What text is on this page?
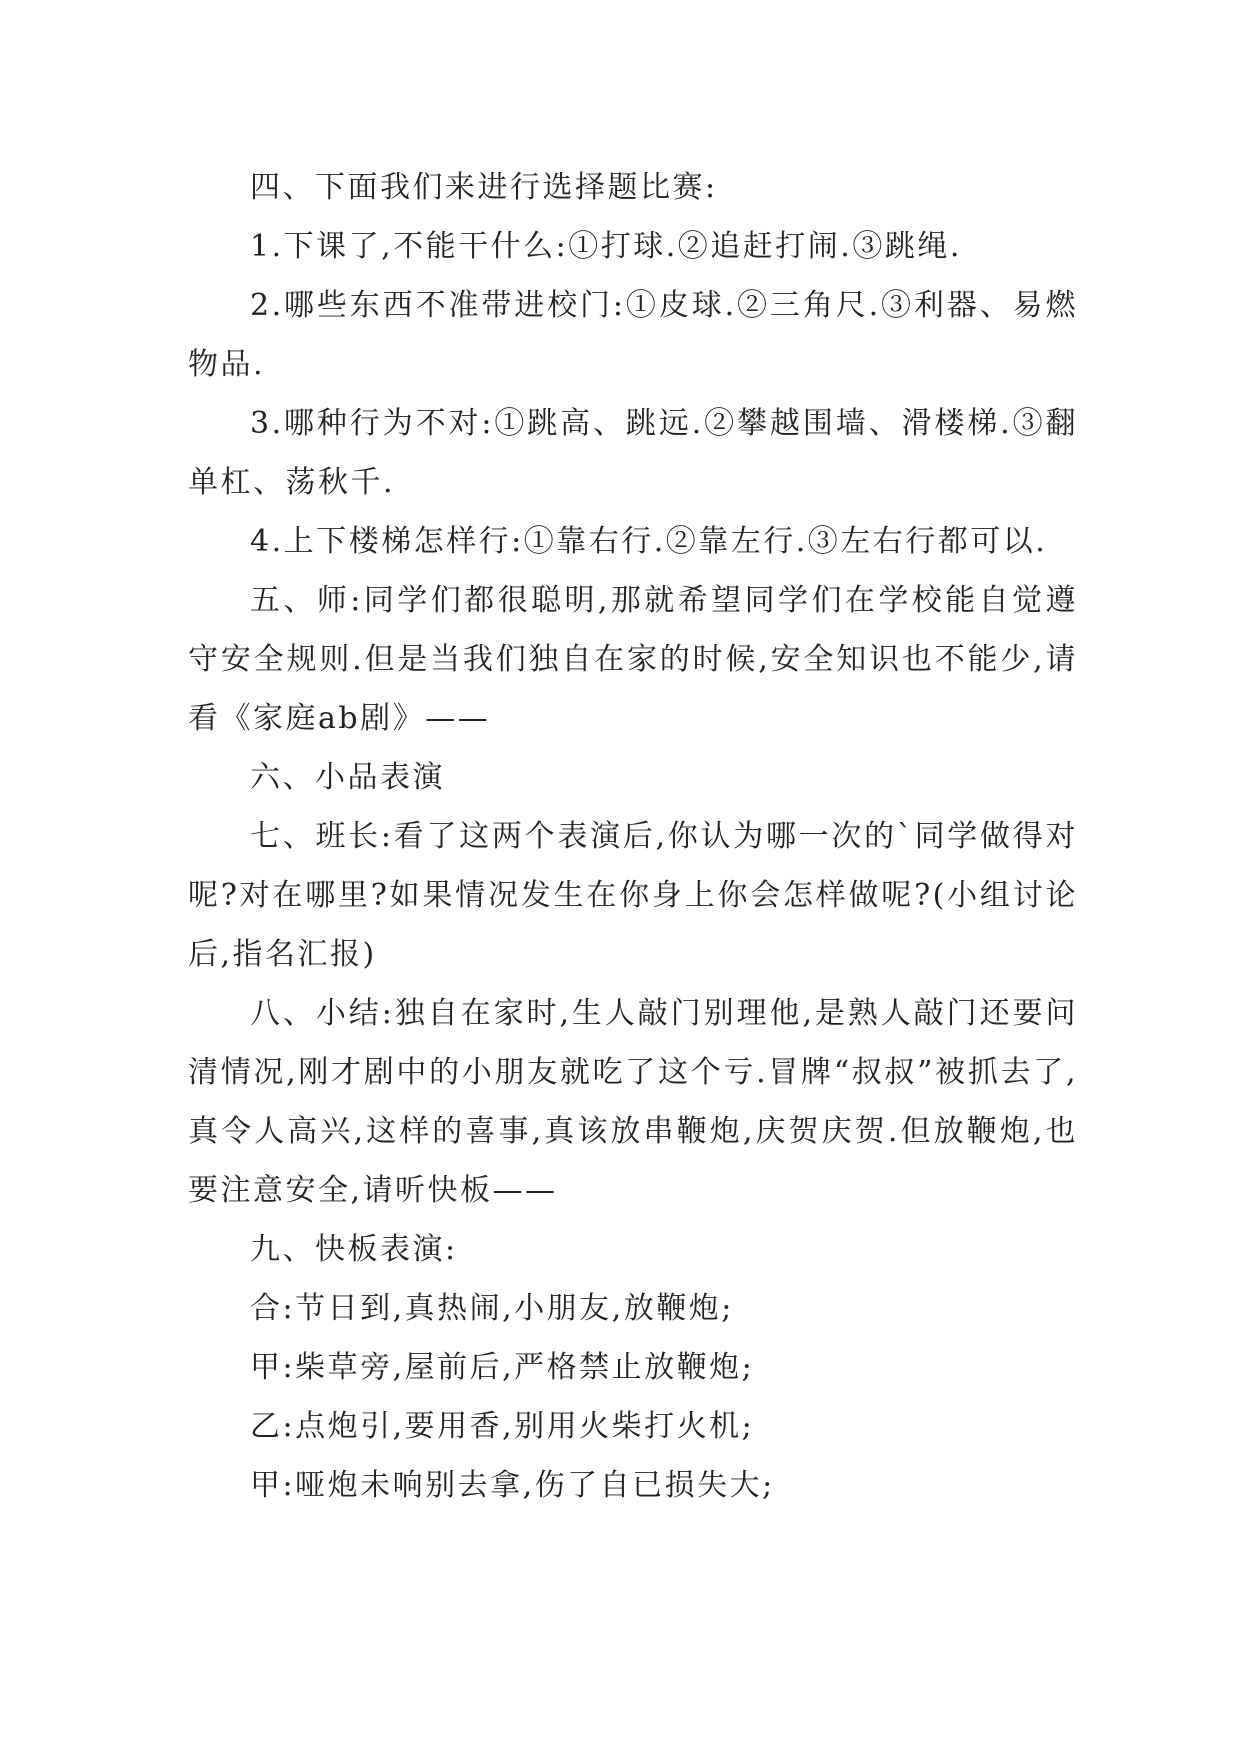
四、下面我们来进行选择题比赛:

1.下课了,不能干什么:①打球.②追赶打闹.③跳绳.

2.哪些东西不准带进校门:①皮球.②三角尺.③利器、易燃物品.

3.哪种行为不对:①跳高、跳远.②攀越围墙、滑楼梯.③翻单杠、荡秋千.

4.上下楼梯怎样行:①靠右行.②靠左行.③左右行都可以.

五、师:同学们都很聪明,那就希望同学们在学校能自觉遵守安全规则.但是当我们独自在家的时候,安全知识也不能少,请看《家庭ab剧》——

六、小品表演

七、班长:看了这两个表演后,你认为哪一次的`同学做得对呢?对在哪里?如果情况发生在你身上你会怎样做呢?(小组讨论后,指名汇报)

八、小结:独自在家时,生人敲门别理他,是熟人敲门还要问清情况,刚才剧中的小朋友就吃了这个亏.冒牌“叔叔”被抓去了,真令人高兴,这样的喜事,真该放串鞭炮,庆贺庆贺.但放鞭炮,也要注意安全,请听快板——

九、快板表演:

合:节日到,真热闹,小朋友,放鞭炮;

甲:柴草旁,屋前后,严格禁止放鞭炮;

乙:点炮引,要用香,别用火柴打火机;

甲:哑炮未响别去拿,伤了自已损失大;
